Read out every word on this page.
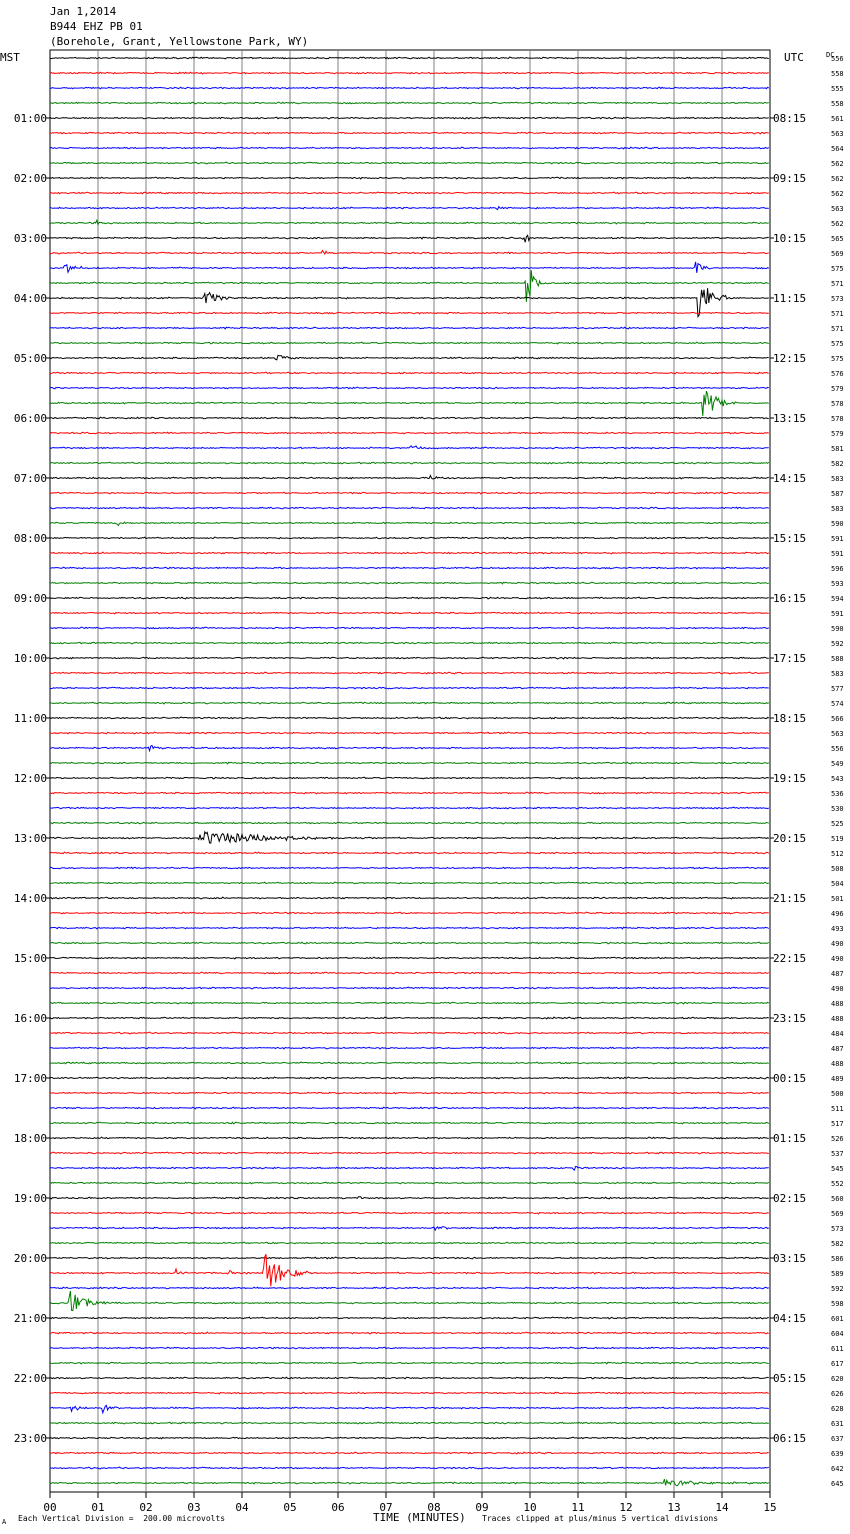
Jan 1,2014
B944 EHZ PB 01
(Borehole, Grant, Yellowstone Park, WY)
MST	UTC	DC
00	01	02	03	04	05	06	07	08	09	10	11	12	13	14	15
556
558
555
558
561
01:00	08:15
563
564
562
562
02:00	09:15
562
563
562
565
03:00	10:15
569
575
571
573
04:00	11:15
571
571
575
575
05:00	12:15
576
579
578
578
06:00	13:15
579
581
582
583
07:00	14:15
587
583
590
591
08:00	15:15
591
596
593
594
09:00	16:15
591
590
592
588
10:00	17:15
583
577
574
566
11:00	18:15
563
556
549
543
12:00	19:15
536
530
525
519
13:00	20:15
512
508
504
501
14:00	21:15
496
493
490
490
15:00	22:15
487
490
488
488
16:00	23:15
484
487
488
489
17:00	00:15
500
511
517
526
18:00	01:15
537
545
552
560
19:00	02:15
569
573
582
586
20:00	03:15
589
592
598
601
21:00	04:15
604
611
617
620
22:00	05:15
626
628
631
637
23:00	06:15
639
642
645
Each Vertical Division =  200.00 microvolts	TIME (MINUTES) Traces clipped at plus/minus 5 vertical divisions
A
